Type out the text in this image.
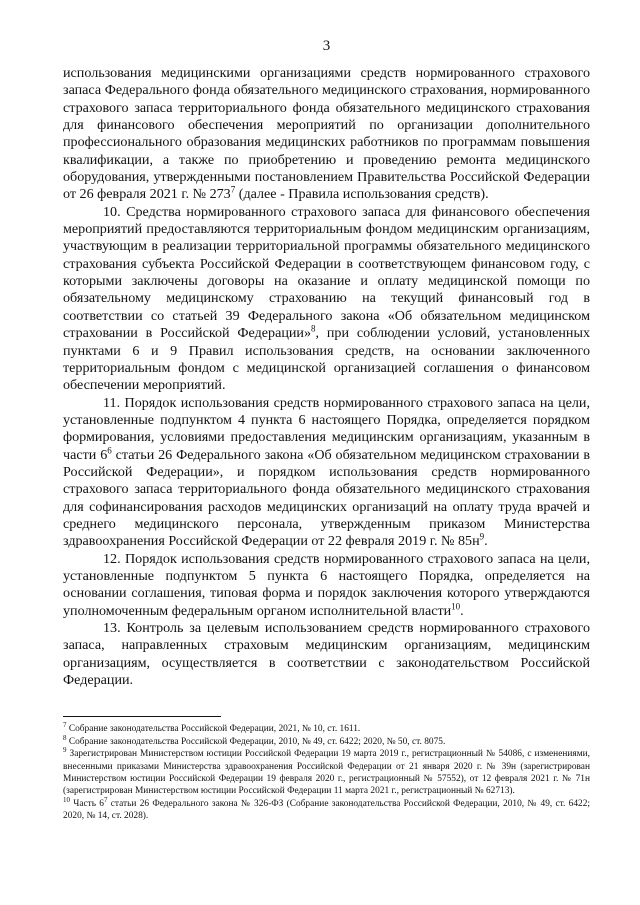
3

использования медицинскими организациями средств нормированного страхового запаса Федерального фонда обязательного медицинского страхования, нормированного страхового запаса территориального фонда обязательного медицинского страхования для финансового обеспечения мероприятий по организации дополнительного профессионального образования медицинских работников по программам повышения квалификации, а также по приобретению и проведению ремонта медицинского оборудования, утвержденными постановлением Правительства Российской Федерации от 26 февраля 2021 г. № $273^7$ (далее - Правила использования средств).

10. Средства нормированного страхового запаса для финансового обеспечения мероприятий предоставляются территориальным фондом медицинским организациям, участвующим в реализации территориальной программы обязательного медицинского страхования субъекта Российской Федерации в соответствующем финансовом году, с которыми заключены договоры на оказание и оплату медицинской помощи по обязательному медицинскому страхованию на текущий финансовый год в соответствии со статьей 39 Федерального закона «Об обязательном медицинском страховании в Российской Федерации»$^8$, при соблюдении условий, установленных пунктами 6 и 9 Правил использования средств, на основании заключенного территориальным фондом с медицинской организацией соглашения о финансовом обеспечении мероприятий.

11. Порядок использования средств нормированного страхового запаса на цели, установленные подпунктом 4 пункта 6 настоящего Порядка, определяется порядком формирования, условиями предоставления медицинским организациям, указанным в части $6^6$ статьи 26 Федерального закона «Об обязательном медицинском страховании в Российской Федерации», и порядком использования средств нормированного страхового запаса территориального фонда обязательного медицинского страхования для софинансирования расходов медицинских организаций на оплату труда врачей и среднего медицинского персонала, утвержденным приказом Министерства здравоохранения Российской Федерации от 22 февраля 2019 г. № $85н^9$.

12. Порядок использования средств нормированного страхового запаса на цели, установленные подпунктом 5 пункта 6 настоящего Порядка, определяется на основании соглашения, типовая форма и порядок заключения которого утверждаются уполномоченным федеральным органом исполнительной власти$^{10}$.

13. Контроль за целевым использованием средств нормированного страхового запаса, направленных страховым медицинским организациям, медицинским организациям, осуществляется в соответствии с законодательством Российской Федерации.

$^7$ Собрание законодательства Российской Федерации, 2021, № 10, ст. 1611.

$^8$ Собрание законодательства Российской Федерации, 2010, № 49, ст. 6422; 2020, № 50, ст. 8075.

$^9$ Зарегистрирован Министерством юстиции Российской Федерации 19 марта 2019 г., регистрационный № 54086, с изменениями, внесенными приказами Министерства здравоохранения Российской Федерации от 21 января 2020 г. № 39н (зарегистрирован Министерством юстиции Российской Федерации 19 февраля 2020 г., регистрационный № 57552), от 12 февраля 2021 г. № 71н (зарегистрирован Министерством юстиции Российской Федерации 11 марта 2021 г., регистрационный № 62713).

$^{10}$ Часть $6^7$ статьи 26 Федерального закона № 326-ФЗ (Собрание законодательства Российской Федерации, 2010, № 49, ст. 6422; 2020, № 14, ст. 2028).
